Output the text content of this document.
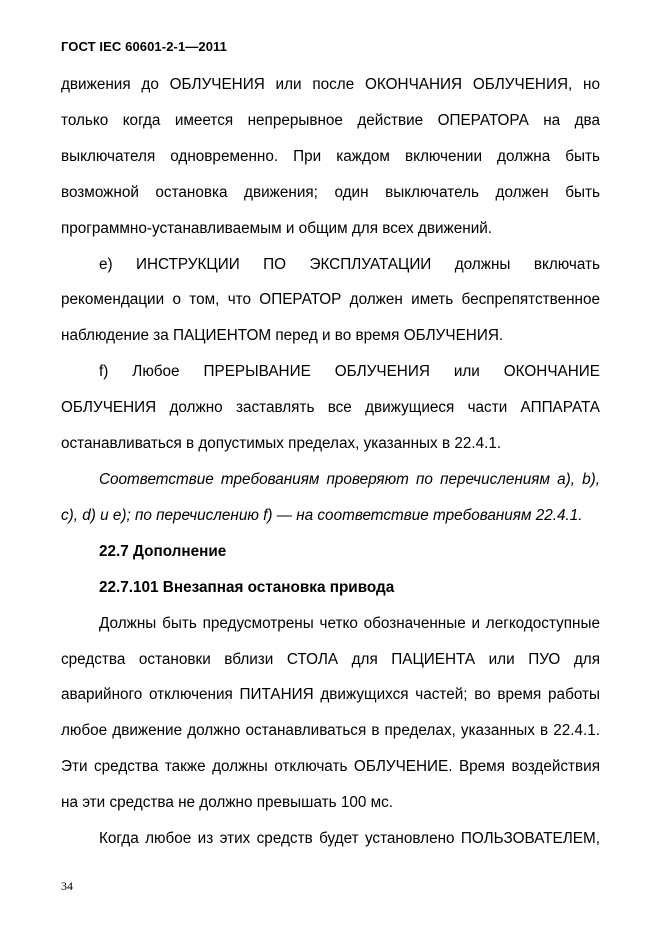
ГОСТ IEC 60601-2-1—2011

движения до ОБЛУЧЕНИЯ или после ОКОНЧАНИЯ ОБЛУЧЕНИЯ, но

только когда имеется непрерывное действие ОПЕРАТОРА на два

выключателя одновременно. При каждом включении должна быть

возможной остановка движения; один выключатель должен быть

программно-устанавливаемым и общим для всех движений.

е) ИНСТРУКЦИИ ПО ЭКСПЛУАТАЦИИ должны включать

рекомендации о том, что ОПЕРАТОР должен иметь беспрепятственное

наблюдение за ПАЦИЕНТОМ перед и во время ОБЛУЧЕНИЯ.

f) Любое ПРЕРЫВАНИЕ ОБЛУЧЕНИЯ или ОКОНЧАНИЕ

ОБЛУЧЕНИЯ должно заставлять все движущиеся части АППАРАТА

останавливаться в допустимых пределах, указанных в 22.4.1.

Соответствие требованиям проверяют по перечислениям а), b),

с), d) и е); по перечислению f) — на соответствие требованиям 22.4.1.

22.7 Дополнение

22.7.101 Внезапная остановка привода

Должны быть предусмотрены четко обозначенные и легкодоступные

средства остановки вблизи СТОЛА для ПАЦИЕНТА или ПУО для

аварийного отключения ПИТАНИЯ движущихся частей; во время работы

любое движение должно останавливаться в пределах, указанных в 22.4.1.

Эти средства также должны отключать ОБЛУЧЕНИЕ. Время воздействия

на эти средства не должно превышать 100 мс.

Когда любое из этих средств будет установлено ПОЛЬЗОВАТЕЛЕМ,

34
